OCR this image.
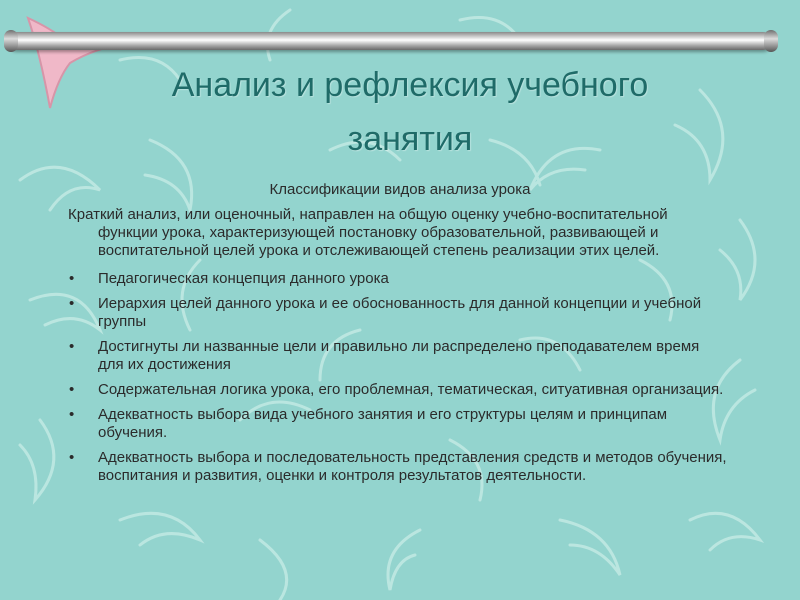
Анализ и рефлексия учебного
занятия
Классификации видов анализа урока
Краткий анализ, или оценочный, направлен на общую оценку учебно-воспитательной
функции урока, характеризующей постановку образовательной, развивающей и воспитательной целей урока и отслеживающей степень реализации этих целей.
• Педагогическая концепция данного урока
• Иерархия целей данного урока и ее обоснованность для данной концепции и учебной группы
• Достигнуты ли названные цели и правильно ли распределено преподавателем время для их достижения
• Содержательная логика урока, его проблемная, тематическая, ситуативная организация.
• Адекватность выбора вида учебного занятия и его структуры целям и принципам обучения.
• Адекватность выбора и последовательность представления средств и методов обучения, воспитания и развития, оценки и контроля результатов деятельности.
